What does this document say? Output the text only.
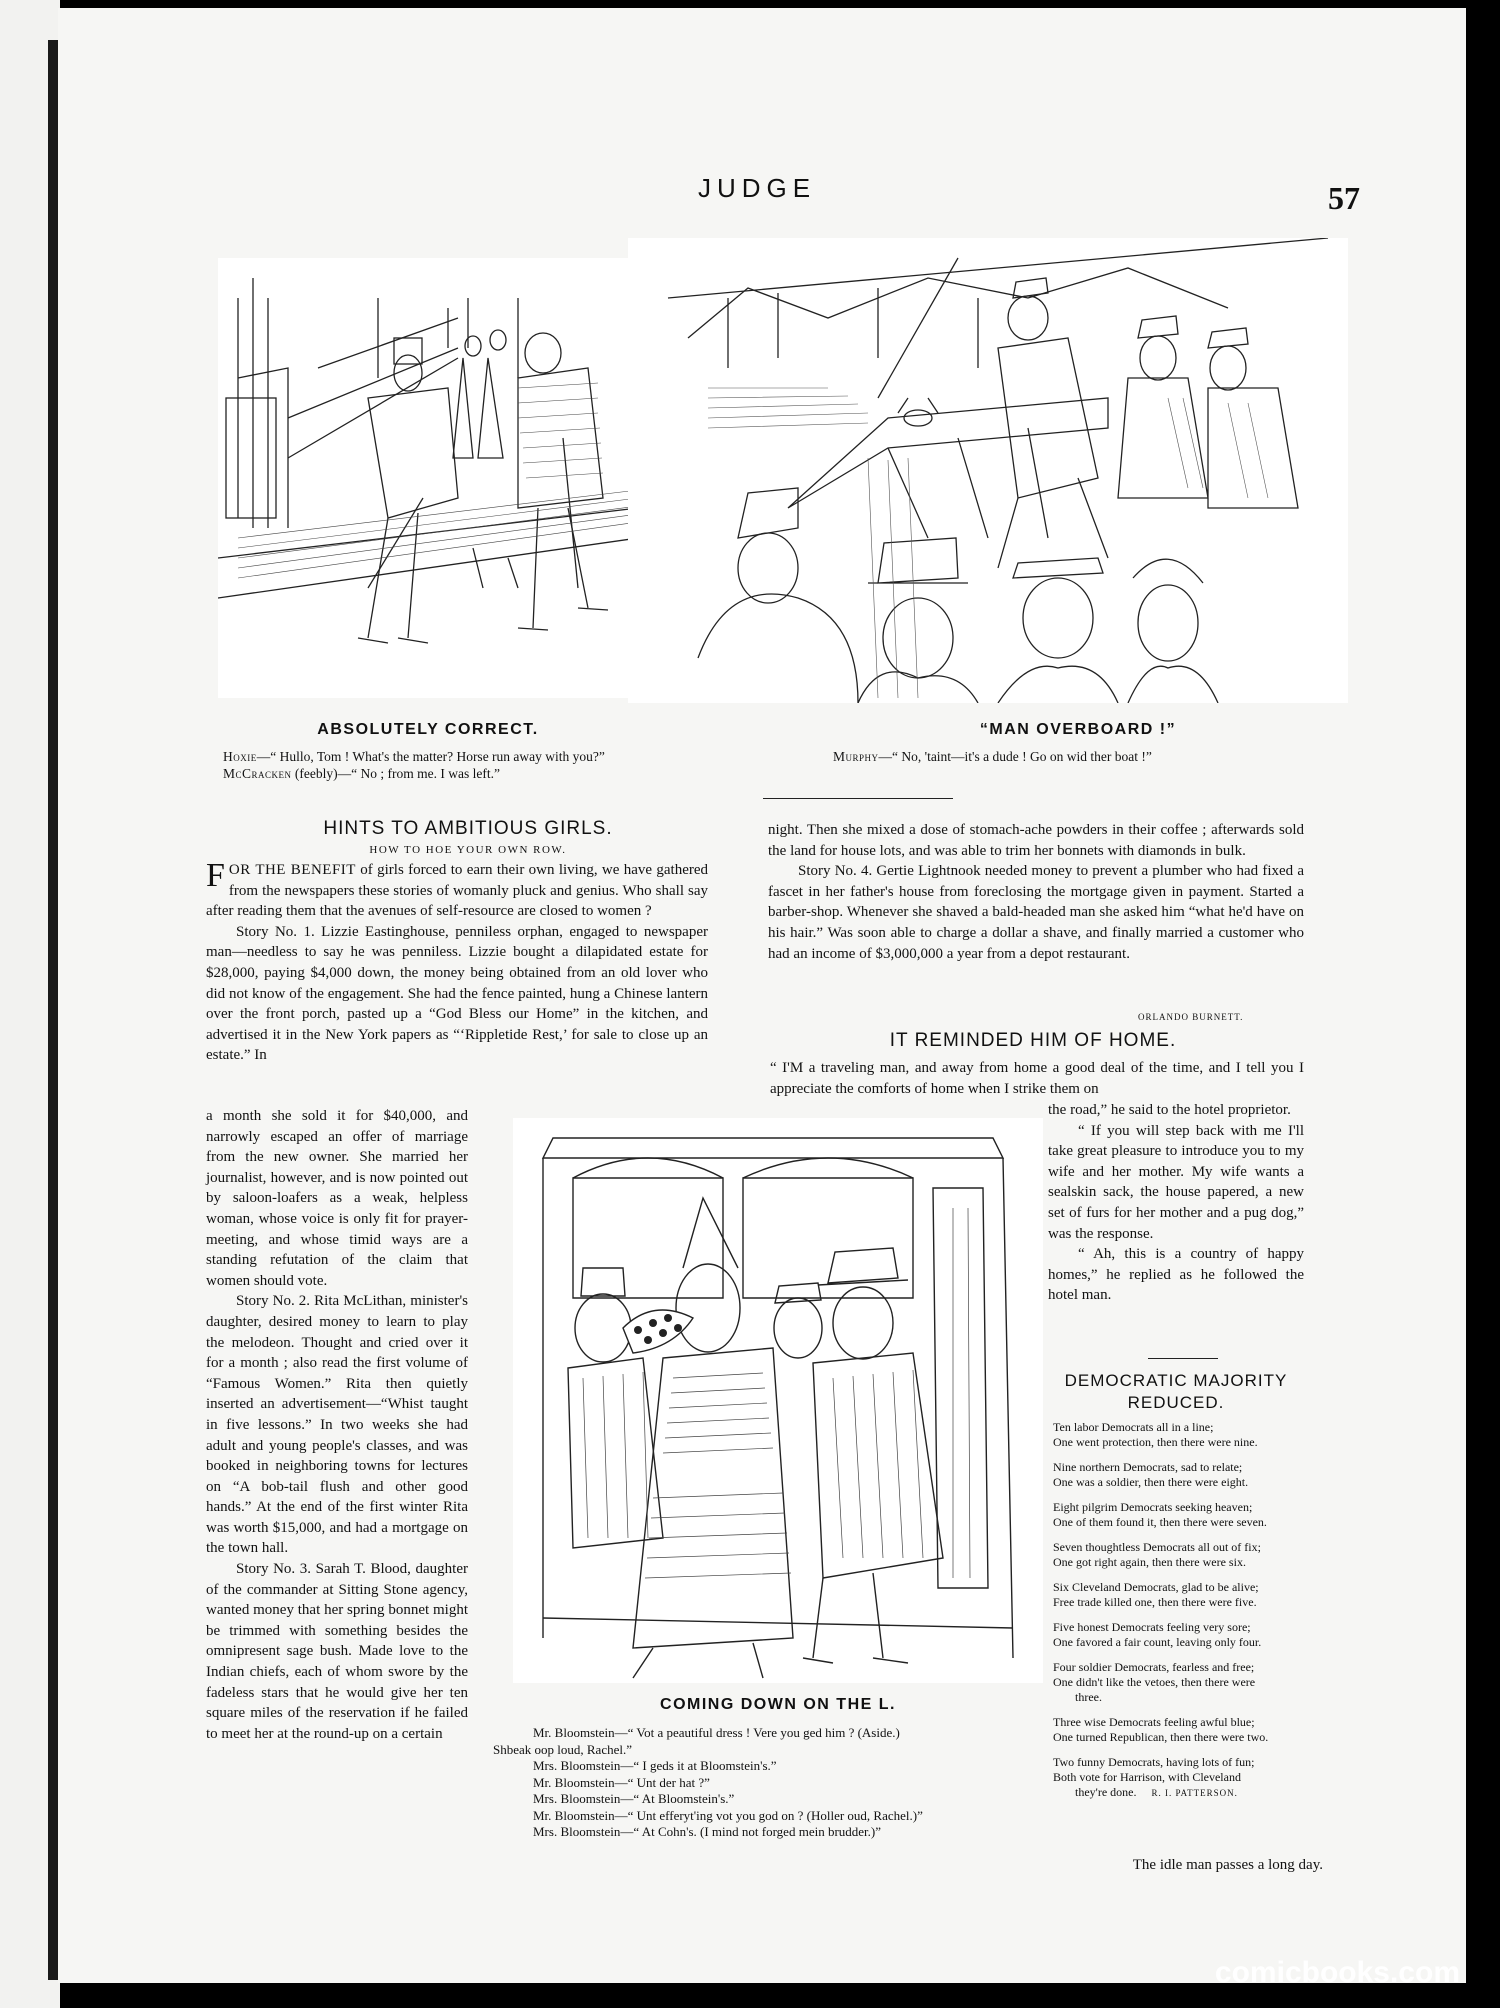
JUDGE	57
ABSOLUTELY CORRECT.
Hoxie—“ Hullo, Tom ! What's the matter? Horse run away with you?”
McCracken (feebly)—“ No ; from me. I was left.”
“MAN OVERBOARD !”
Murphy—“ No, 'taint—it's a dude ! Go on wid ther boat !”
HINTS TO AMBITIOUS GIRLS.
HOW TO HOE YOUR OWN ROW.

FOR THE BENEFIT of girls forced to earn their own living, we have gathered from the newspapers these stories of womanly pluck and genius. Who shall say after reading them that the avenues of self-resource are closed to women ?

Story No. 1. Lizzie Eastinghouse, penniless orphan, engaged to newspaper man—needless to say he was penniless. Lizzie bought a dilapidated estate for $28,000, paying $4,000 down, the money being obtained from an old lover who did not know of the engagement. She had the fence painted, hung a Chinese lantern over the front porch, pasted up a “God Bless our Home” in the kitchen, and advertised it in the New York papers as “‘Rippletide Rest,’ for sale to close up an estate.” In

a month she sold it for $40,000, and narrowly escaped an offer of marriage from the new owner. She married her journalist, however, and is now pointed out by saloon-loafers as a weak, helpless woman, whose voice is only fit for prayer-meeting, and whose timid ways are a standing refutation of the claim that women should vote.

Story No. 2. Rita McLithan, minister's daughter, desired money to learn to play the melodeon. Thought and cried over it for a month ; also read the first volume of “Famous Women.” Rita then quietly inserted an advertisement—“Whist taught in five lessons.” In two weeks she had adult and young people's classes, and was booked in neighboring towns for lectures on “A bob-tail flush and other good hands.” At the end of the first winter Rita was worth $15,000, and had a mortgage on the town hall.

Story No. 3. Sarah T. Blood, daughter of the commander at Sitting Stone agency, wanted money that her spring bonnet might be trimmed with something besides the omnipresent sage bush. Made love to the Indian chiefs, each of whom swore by the fadeless stars that he would give her ten square miles of the reservation if he failed to meet her at the round-up on a certain

night. Then she mixed a dose of stomach-ache powders in their coffee ; afterwards sold the land for house lots, and was able to trim her bonnets with diamonds in bulk.

Story No. 4. Gertie Lightnook needed money to prevent a plumber who had fixed a fascet in her father's house from foreclosing the mortgage given in payment. Started a barber-shop. Whenever she shaved a bald-headed man she asked him “what he'd have on his hair.” Was soon able to charge a dollar a shave, and finally married a customer who had an income of $3,000,000 a year from a depot restaurant.

ORLANDO BURNETT.
IT REMINDED HIM OF HOME.
“ I'M a traveling man, and away from home a good deal of the time, and I tell you I appreciate the comforts of home when I strike them on

the road,” he said to the hotel proprietor.

“ If you will step back with me I'll take great pleasure to introduce you to my wife and her mother. My wife wants a sealskin sack, the house papered, a new set of furs for her mother and a pug dog,” was the response.

“ Ah, this is a country of happy homes,” he replied as he followed the hotel man.

DEMOCRATIC MAJORITY
REDUCED.
Ten labor Democrats all in a line;
One went protection, then there were nine.
Nine northern Democrats, sad to relate;
One was a soldier, then there were eight.
Eight pilgrim Democrats seeking heaven;
One of them found it, then there were seven.
Seven thoughtless Democrats all out of fix;
One got right again, then there were six.
Six Cleveland Democrats, glad to be alive;
Free trade killed one, then there were five.
Five honest Democrats feeling very sore;
One favored a fair count, leaving only four.
Four soldier Democrats, fearless and free;
One didn't like the vetoes, then there were
three.
Three wise Democrats feeling awful blue;
One turned Republican, then there were two.
Two funny Democrats, having lots of fun;
Both vote for Harrison, with Cleveland
they're done. R. I. PATTERSON.
The idle man passes a long day.
COMING DOWN ON THE L.
Mr. Bloomstein—“ Vot a peautiful dress ! Vere you ged him ? (Aside.)
Shbeak oop loud, Rachel.”
Mrs. Bloomstein—“ I geds it at Bloomstein's.”
Mr. Bloomstein—“ Unt der hat ?”
Mrs. Bloomstein—“ At Bloomstein's.”
Mr. Bloomstein—“ Unt efferyt'ing vot you god on ? (Holler oud, Rachel.)”
Mrs. Bloomstein—“ At Cohn's. (I mind not forged mein brudder.)”
comicbooks.com
